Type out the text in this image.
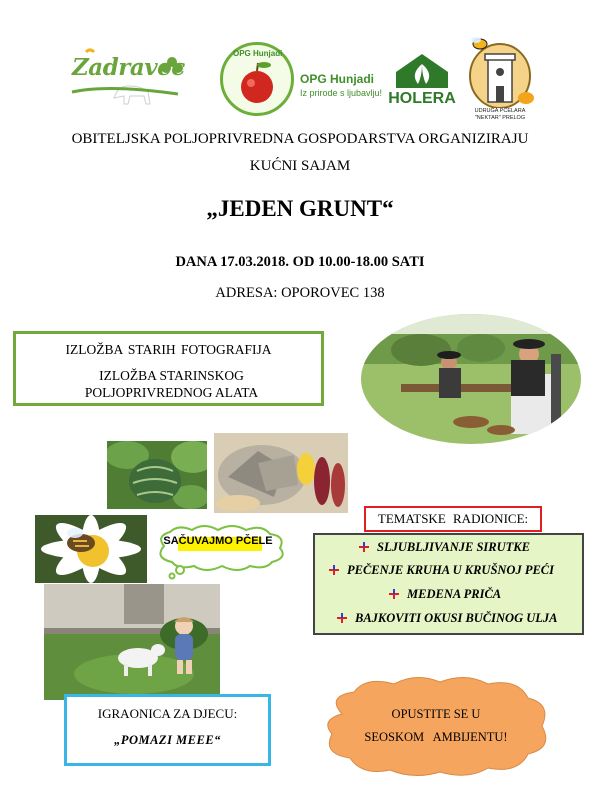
Zadravec
OPG Hunjadi
OPG Hunjadi
Iz prirode s ljubavlju! HOLERA
UDRUGA PČELARA
"NEKTAR" PRELOG
OBITELJSKA POLJOPRIVREDNA GOSPODARSTVA ORGANIZIRAJU
KUĆNI SAJAM
„JEDEN GRUNT“
DANA 17.03.2018. OD 10.00-18.00 SATI
ADRESA: OPOROVEC 138
IZLOŽBA STARIH FOTOGRAFIJA
IZLOŽBA STARINSKOG POLJOPRIVREDNOG ALATA
SAČUVAJMO PČELE
TEMATSKE RADIONICE:
SLJUBLJIVANJE SIRUTKE
PEČENJE KRUHA U KRUŠNOJ PEĆI
MEDENA PRIČA
BAJKOVITI OKUSI BUČINOG ULJA
IGRAONICA ZA DJECU:
„POMAZI MEEE“
OPUSTITE SE U
SEOSKOM AMBIJENTU!
